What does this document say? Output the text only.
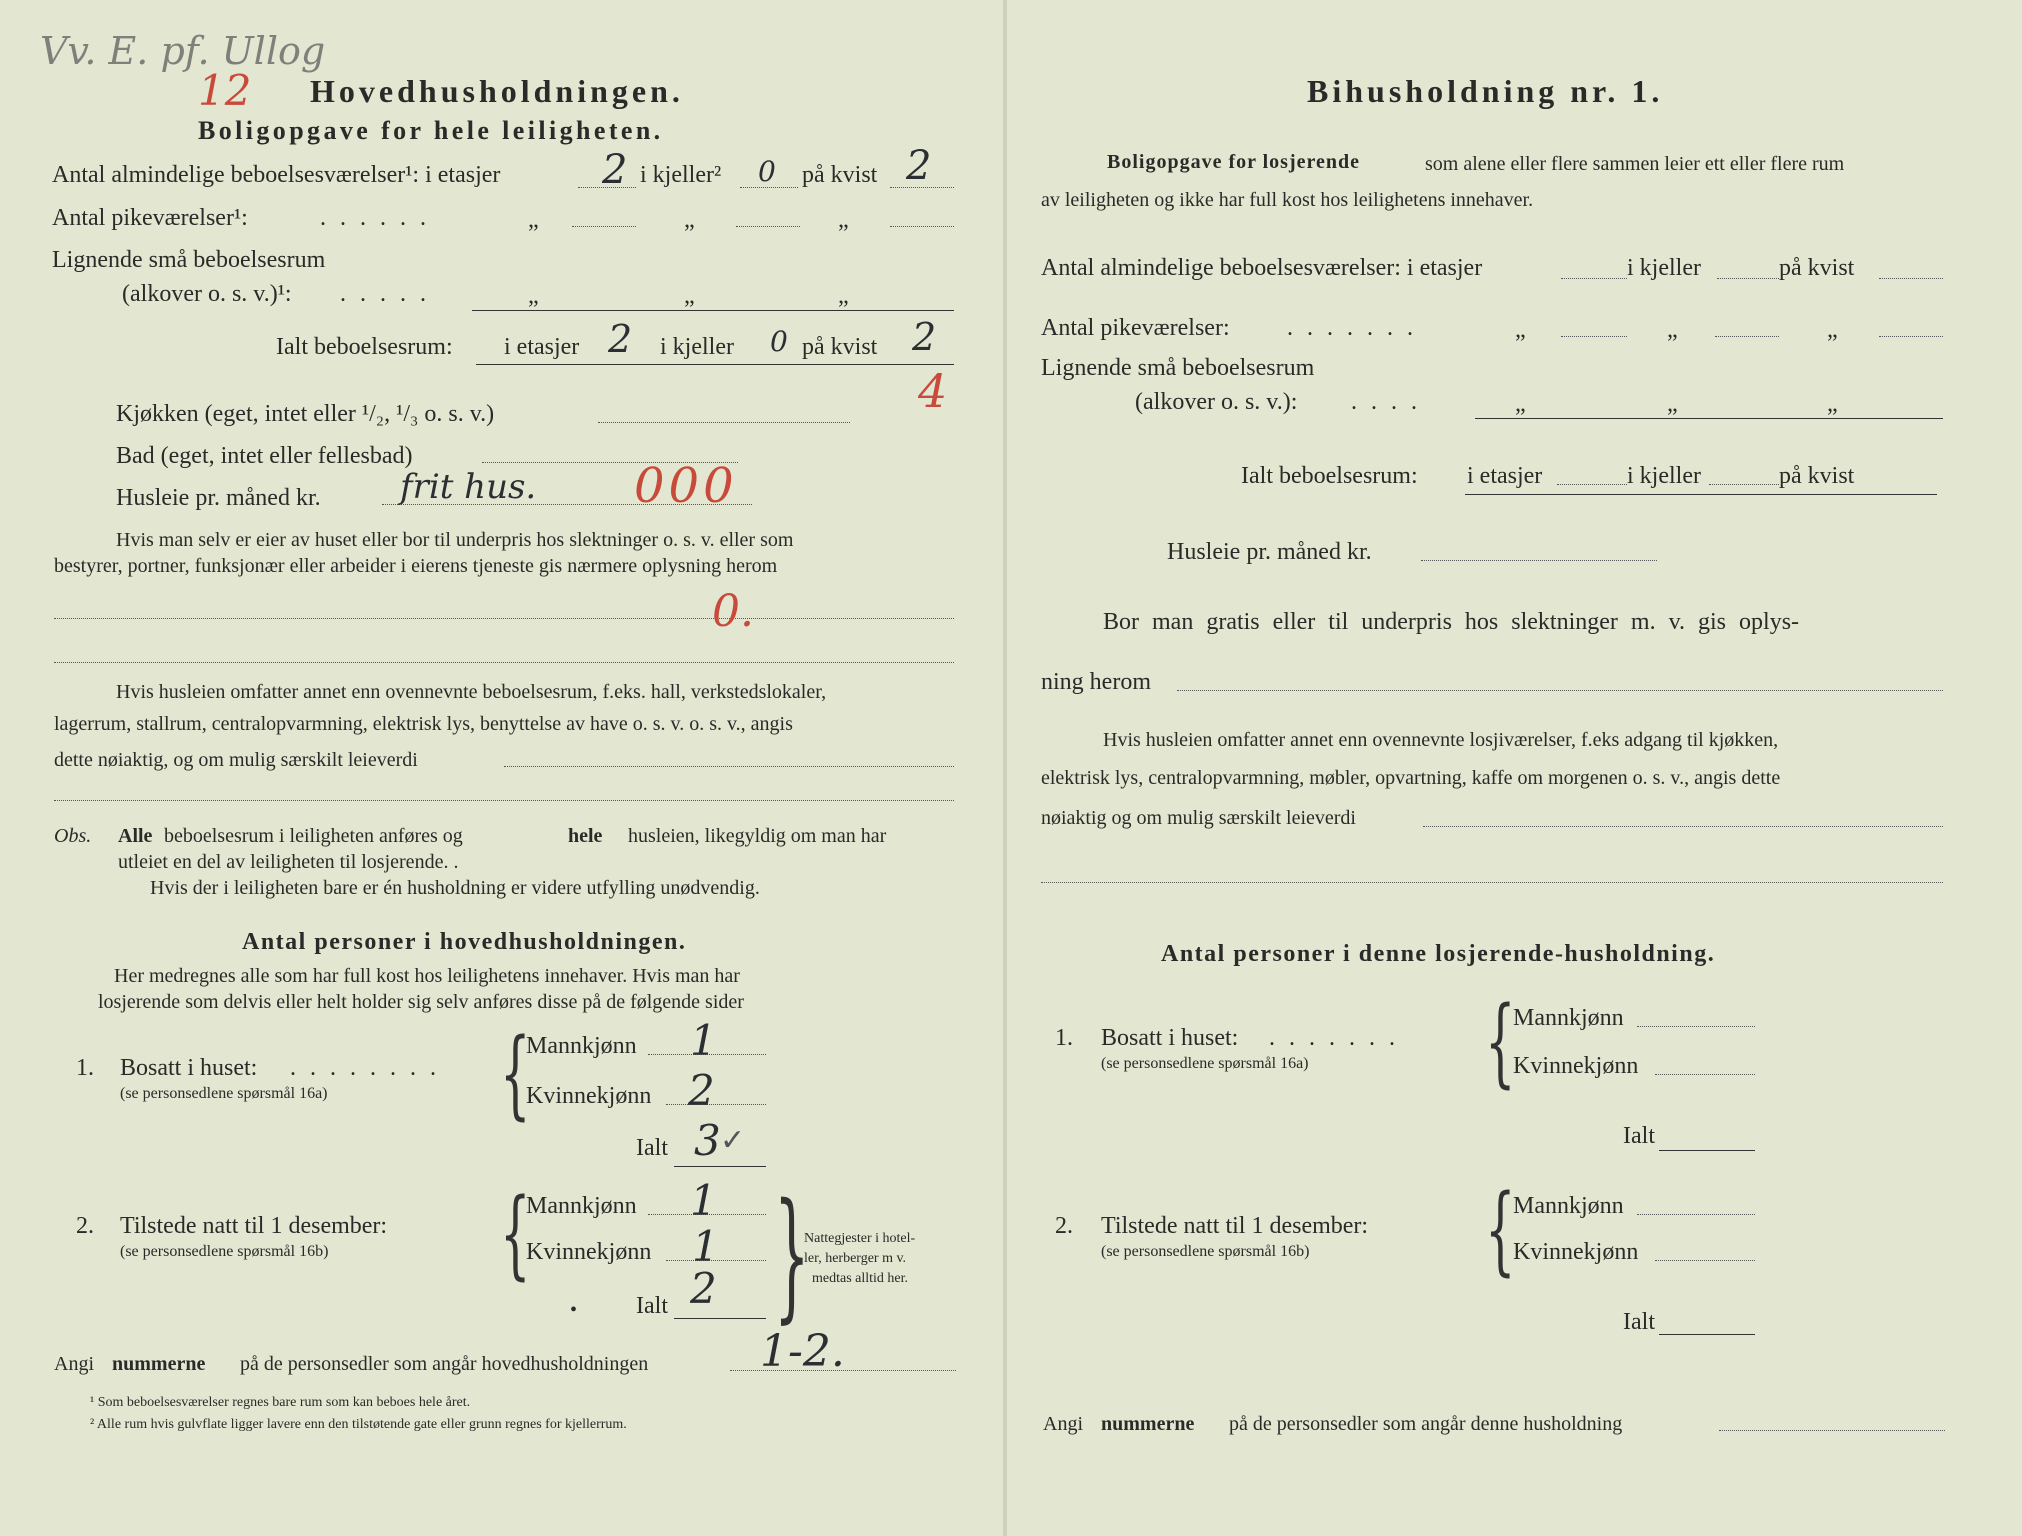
Vv. E. pf. Ullog
12 Hovedhusholdningen.
Boligopgave for hele leiligheten.
Antal almindelige beboelsesværelser¹: i etasjer	2 i kjeller² 0 på kvist 2
Antal pikeværelser¹:	......	„	„	„
Lignende små beboelsesrum
(alkover o. s. v.)¹: .....	„	„	„
Ialt beboelsesrum: i etasjer 2 i kjeller 0 på kvist 2
4
Kjøkken (eget, intet eller ¹/₂, ¹/₃ o. s. v.)
Bad (eget, intet eller fellesbad)
Husleie pr. måned kr. frit hus. 000
Hvis man selv er eier av huset eller bor til underpris hos slektninger o. s. v. eller som
bestyrer, portner, funksjonær eller arbeider i eierens tjeneste gis nærmere oplysning herom
0.
Hvis husleien omfatter annet enn ovennevnte beboelsesrum, f.eks. hall, verkstedslokaler,
lagerrum, stallrum, centralopvarmning, elektrisk lys, benyttelse av have o. s. v. o. s. v., angis
dette nøiaktig, og om mulig særskilt leieverdi
Obs. Alle beboelsesrum i leiligheten anføres og	hele husleien, likegyldig om man har
utleiet en del av leiligheten til losjerende. .
Hvis der i leiligheten bare er én husholdning er videre utfylling unødvendig.
Antal personer i hovedhusholdningen.
Her medregnes alle som har full kost hos leilighetens innehaver. Hvis man har
losjerende som delvis eller helt holder sig selv anføres disse på de følgende sider
1. Bosatt i huset: ........
(se personsedlene spørsmål 16a) {
Mannkjønn 1
Kvinnekjønn 2
Ialt 3 ✓
2. Tilstede natt til 1 desember:
(se personsedlene spørsmål 16b) {
Mannkjønn 1
Kvinnekjønn 1
• Ialt 2 }
Nattegjester i hotel-
ler, herberger m v.
medtas alltid her.
Angi nummerne på de personsedler som angår hovedhusholdningen	1-2.
¹ Som beboelsesværelser regnes bare rum som kan beboes hele året.
² Alle rum hvis gulvflate ligger lavere enn den tilstøtende gate eller grunn regnes for kjellerrum.
Bihusholdning nr. 1.
Boligopgave for losjerende	som alene eller flere sammen leier ett eller flere rum
av leiligheten og ikke har full kost hos leilighetens innehaver.
Antal almindelige beboelsesværelser: i etasjer	i kjeller	på kvist
Antal pikeværelser: .......	„	„	„
Lignende små beboelsesrum
(alkover o. s. v.): ....	„	„	„
Ialt beboelsesrum: i etasjer	i kjeller	på kvist
Husleie pr. måned kr.
Bor man gratis eller til underpris hos slektninger m. v. gis oplys-
ning herom
Hvis husleien omfatter annet enn ovennevnte losjiværelser, f.eks adgang til kjøkken,
elektrisk lys, centralopvarmning, møbler, opvartning, kaffe om morgenen o. s. v., angis dette
nøiaktig og om mulig særskilt leieverdi
Antal personer i denne losjerende-husholdning.
1. Bosatt i huset: .......
(se personsedlene spørsmål 16a) {
Mannkjønn
Kvinnekjønn
Ialt
2. Tilstede natt til 1 desember:
(se personsedlene spørsmål 16b) {
Mannkjønn
Kvinnekjønn
Ialt
Angi nummerne på de personsedler som angår denne husholdning
